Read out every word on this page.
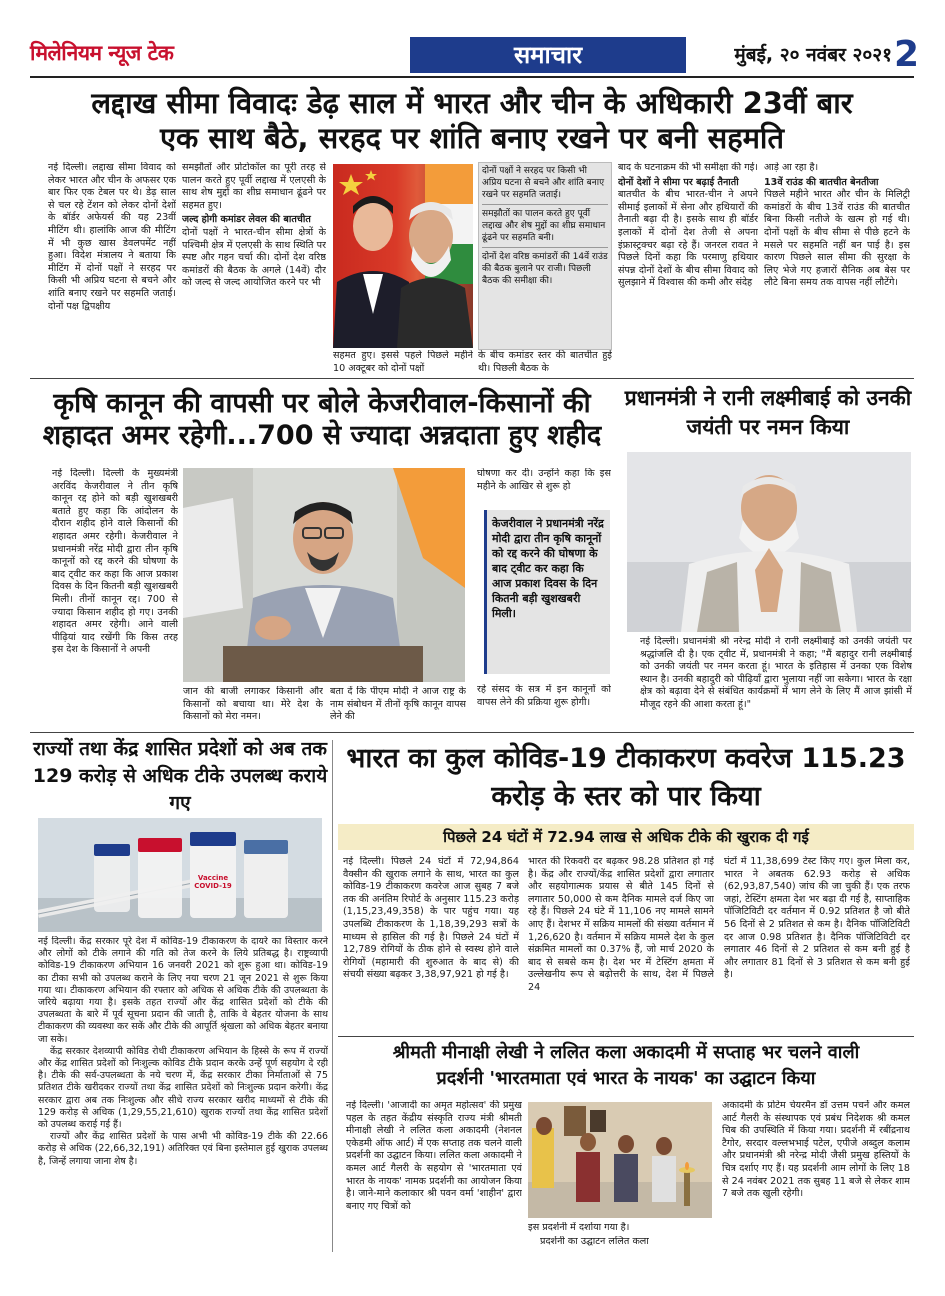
मिलेनियम न्यूज टेक	समाचार	मुंबई, २० नवंबर २०२१ 2
लद्दाख सीमा विवादः डेढ़ साल में भारत और चीन के अधिकारी 23वीं बार
एक साथ बैठे, सरहद पर शांति बनाए रखने पर बनी सहमति
नई दिल्ली। लद्दाख सीमा विवाद को लेकर भारत और चीन के अफसर एक बार फिर एक टेबल पर थे। डेढ़ साल से चल रहे टेंशन को लेकर दोनों देशों के बॉर्डर अफेयर्स की यह 23वीं मीटिंग थी। हालांकि आज की मीटिंग में भी कुछ खास डेवलपमेंट नहीं हुआ। विदेश मंत्रालय ने बताया कि मीटिंग में दोनों पक्षों ने सरहद पर किसी भी अप्रिय घटना से बचने और शांति बनाए रखने पर सहमति जताई। दोनों पक्ष द्विपक्षीय
समझौतों और प्रोटोकॉल का पूरी तरह से पालन करते हुए पूर्वी लद्दाख में एलएसी के साथ शेष मुद्दों का शीघ्र समाधान ढूंढने पर सहमत हुए।
जल्द होगी कमांडर लेवल की बातचीत
दोनों पक्षों ने भारत-चीन सीमा क्षेत्रों के पश्चिमी क्षेत्र में एलएसी के साथ स्थिति पर स्पष्ट और गहन चर्चा की। दोनों देश वरिष्ठ कमांडरों की बैठक के अगले (14वें) दौर को जल्द से जल्द आयोजित करने पर भी
सहमत हुए। इससे पहले पिछले महीने 10 अक्टूबर को दोनों पक्षों
दोनों पक्षों ने सरहद पर किसी भी अप्रिय घटना से बचने और शांति बनाए रखने पर सहमति जताई।
समझौतों का पालन करते हुए पूर्वी लद्दाख और शेष मुद्दों का शीघ्र समाधान ढूंढने पर सहमति बनी।
दोनों देश वरिष्ठ कमांडरों की 14वें राउंड की बैठक बुलाने पर राजी। पिछली बैठक की समीक्षा की।
के बीच कमांडर स्तर की बातचीत हुई थी। पिछली बैठक के
बाद के घटनाक्रम की भी समीक्षा की गई।
दोनों देशों ने सीमा पर बढ़ाई तैनाती
बातचीत के बीच भारत-चीन ने अपने सीमाई इलाकों में सेना और हथियारों की तैनाती बढ़ा दी है। इसके साथ ही बॉर्डर इलाकों में दोनों देश तेजी से अपना इंफ्रास्ट्रक्चर बढ़ा रहे हैं। जनरल रावत ने पिछले दिनों कहा कि परमाणु हथियार संपन्न दोनों देशों के बीच सीमा विवाद को सुलझाने में विश्वास की कमी और संदेह
आड़े आ रहा है।
13वें राउंड की बातचीत बेनतीजा
पिछले महीने भारत और चीन के मिलिट्री कमांडरों के बीच 13वें राउंड की बातचीत बिना किसी नतीजे के खत्म हो गई थी। दोनों पक्षों के बीच सीमा से पीछे हटने के मसले पर सहमति नहीं बन पाई है। इस कारण पिछले साल सीमा की सुरक्षा के लिए भेजे गए हजारों सैनिक अब बेस पर लौटे बिना समय तक वापस नहीं लौटेंगे।
कृषि कानून की वापसी पर बोले केजरीवाल-किसानों की
शहादत अमर रहेगी...700 से ज्यादा अन्नदाता हुए शहीद
नई दिल्ली। दिल्ली के मुख्यमंत्री अरविंद केजरीवाल ने तीन कृषि कानून रद्द होने को बड़ी खुशखबरी बताते हुए कहा कि आंदोलन के दौरान शहीद होने वाले किसानों की शहादत अमर रहेगी। केजरीवाल ने प्रधानमंत्री नरेंद्र मोदी द्वारा तीन कृषि कानूनों को रद्द करने की घोषणा के बाद ट्वीट कर कहा कि आज प्रकाश दिवस के दिन कितनी बड़ी खुशखबरी मिली। तीनों कानून रद्द। 700 से ज्यादा किसान शहीद हो गए। उनकी शहादत अमर रहेगी। आने वाली पीढ़ियां याद रखेंगी कि किस तरह इस देश के किसानों ने अपनी
जान की बाजी लगाकर किसानी और किसानों को बचाया था। मेरे देश के किसानों को मेरा नमन।
बता दें कि पीएम मोदी ने आज राष्ट्र के नाम संबोधन में तीनों कृषि कानून वापस लेने की
घोषणा कर दी। उन्होंने कहा कि इस महीने के आखिर से शुरू हो
केजरीवाल ने प्रधानमंत्री नरेंद्र मोदी द्वारा तीन कृषि कानूनों को रद्द करने की घोषणा के बाद ट्वीट कर कहा कि आज प्रकाश दिवस के दिन कितनी बड़ी खुशखबरी मिली।
रहे संसद के सत्र में इन कानूनों को वापस लेने की प्रक्रिया शुरू होगी।
प्रधानमंत्री ने रानी लक्ष्मीबाई को उनकी जयंती पर नमन किया
नई दिल्ली। प्रधानमंत्री श्री नरेन्द्र मोदी ने रानी लक्ष्मीबाई को उनकी जयंती पर श्रद्धांजलि दी है। एक ट्वीट में, प्रधानमंत्री ने कहा; "मैं बहादुर रानी लक्ष्मीबाई को उनकी जयंती पर नमन करता हूं। भारत के इतिहास में उनका एक विशेष स्थान है। उनकी बहादुरी को पीढ़ियाँ द्वारा भुलाया नहीं जा सकेगा। भारत के रक्षा क्षेत्र को बढ़ावा देने से संबंधित कार्यक्रमों में भाग लेने के लिए मैं आज झांसी में मौजूद रहने की आशा करता हूं।"
राज्यों तथा केंद्र शासित प्रदेशों को अब तक 129 करोड़ से अधिक टीके उपलब्ध कराये गए
Vaccine COVID-19

नई दिल्ली। केंद्र सरकार पूरे देश में कोविड-19 टीकाकरण के दायरे का विस्तार करने और लोगों को टीके लगाने की गति को तेज करने के लिये प्रतिबद्ध है। राष्ट्रव्यापी कोविड-19 टीकाकरण अभियान 16 जनवरी 2021 को शुरू हुआ था। कोविड-19 का टीका सभी को उपलब्ध कराने के लिए नया चरण 21 जून 2021 से शुरू किया गया था। टीकाकरण अभियान की रफ्तार को अधिक से अधिक टीके की उपलब्धता के जरिये बढ़ाया गया है। इसके तहत राज्यों और केंद्र शासित प्रदेशों को टीके की उपलब्धता के बारे में पूर्व सूचना प्रदान की जाती है, ताकि वे बेहतर योजना के साथ टीकाकरण की व्यवस्था कर सकें और टीके की आपूर्ति श्रृंखला को अधिक बेहतर बनाया जा सके।

केंद्र सरकार देशव्यापी कोविड रोधी टीकाकरण अभियान के हिस्से के रूप में राज्यों और केंद्र शासित प्रदेशों को निःशुल्क कोविड टीके प्रदान करके उन्हें पूर्ण सहयोग दे रही है। टीके की सर्व-उपलब्धता के नये चरण में, केंद्र सरकार टीका निर्माताओं से 75 प्रतिशत टीके खरीदकर राज्यों तथा केंद्र शासित प्रदेशों को निःशुल्क प्रदान करेगी। केंद्र सरकार द्वारा अब तक निःशुल्क और सीधे राज्य सरकार खरीद माध्यमों से टीके की 129 करोड़ से अधिक (1,29,55,21,610) खुराक राज्यों तथा केंद्र शासित प्रदेशों को उपलब्ध कराई गई हैं।

राज्यों और केंद्र शासित प्रदेशों के पास अभी भी कोविड-19 टीके की 22.66 करोड़ से अधिक (22,66,32,191) अतिरिक्त एवं बिना इस्तेमाल हुई खुराक उपलब्ध है, जिन्हें लगाया जाना शेष है।

भारत का कुल कोविड-19 टीकाकरण कवरेज 115.23
करोड़ के स्तर को पार किया
पिछले 24 घंटों में 72.94 लाख से अधिक टीके की खुराक दी गई
नई दिल्ली। पिछले 24 घंटों में 72,94,864 वैक्सीन की खुराक लगाने के साथ, भारत का कुल कोविड-19 टीकाकरण कवरेज आज सुबह 7 बजे तक की अनंतिम रिपोर्ट के अनुसार 115.23 करोड़ (1,15,23,49,358) के पार पहुंच गया। यह उपलब्धि टीकाकरण के 1,18,39,293 सत्रों के माध्यम से हासिल की गई है। पिछले 24 घंटों में 12,789 रोगियों के ठीक होने से स्वस्थ होने वाले रोगियों (महामारी की शुरुआत के बाद से) की संचयी संख्या बढ़कर 3,38,97,921 हो गई है।
भारत की रिकवरी दर बढ़कर 98.28 प्रतिशत हो गई है। केंद्र और राज्यों/केंद्र शासित प्रदेशों द्वारा लगातार और सहयोगात्मक प्रयास से बीते 145 दिनों से लगातार 50,000 से कम दैनिक मामले दर्ज किए जा रहे हैं। पिछले 24 घंटे में 11,106 नए मामले सामने आए हैं। देशभर में सक्रिय मामलों की संख्या वर्तमान में 1,26,620 है। वर्तमान में सक्रिय मामले देश के कुल संक्रमित मामलों का 0.37% हैं, जो मार्च 2020 के बाद से सबसे कम है। देश भर में टेस्टिंग क्षमता में उल्लेखनीय रूप से बढ़ोत्तरी के साथ, देश में पिछले 24
घंटों में 11,38,699 टेस्ट किए गए। कुल मिला कर, भारत ने अबतक 62.93 करोड़ से अधिक (62,93,87,540) जांच की जा चुकी हैं। एक तरफ जहां, टेस्टिंग क्षमता देश भर बढ़ा दी गई है, साप्ताहिक पॉजिटिविटी दर वर्तमान में 0.92 प्रतिशत है जो बीते 56 दिनों से 2 प्रतिशत से कम है। दैनिक पॉजिटिविटी दर आज 0.98 प्रतिशत है। दैनिक पॉजिटिविटी दर लगातार 46 दिनों से 2 प्रतिशत से कम बनी हुई है और लगातार 81 दिनों से 3 प्रतिशत से कम बनी हुई है।
श्रीमती मीनाक्षी लेखी ने ललित कला अकादमी में सप्ताह भर चलने वाली
प्रदर्शनी 'भारतमाता एवं भारत के नायक' का उद्घाटन किया
नई दिल्ली। 'आजादी का अमृत महोत्सव' की प्रमुख पहल के तहत केंद्रीय संस्कृति राज्य मंत्री श्रीमती मीनाक्षी लेखी ने ललित कला अकादमी (नेशनल एकेडमी ऑफ आर्ट) में एक सप्ताह तक चलने वाली प्रदर्शनी का उद्घाटन किया। ललित कला अकादमी ने कमल आर्ट गैलरी के सहयोग से 'भारतमाता एवं भारत के नायक' नामक प्रदर्शनी का आयोजन किया है। जाने-माने कलाकार श्री पवन वर्मा 'शाहीन' द्वारा बनाए गए चित्रों को
इस प्रदर्शनी में दर्शाया गया है।
प्रदर्शनी का उद्घाटन ललित कला
अकादमी के प्रोटेम चेयरमैन डॉ उत्तम पचर्ने और कमल आर्ट गैलरी के संस्थापक एवं प्रबंध निदेशक श्री कमल चिब की उपस्थिति में किया गया। प्रदर्शनी में रबींद्रनाथ टैगोर, सरदार वल्लभभाई पटेल, एपीजे अब्दुल कलाम और प्रधानमंत्री श्री नरेन्द्र मोदी जैसी प्रमुख हस्तियों के चित्र दर्शाए गए हैं। यह प्रदर्शनी आम लोगों के लिए 18 से 24 नवंबर 2021 तक सुबह 11 बजे से लेकर शाम 7 बजे तक खुली रहेगी।
